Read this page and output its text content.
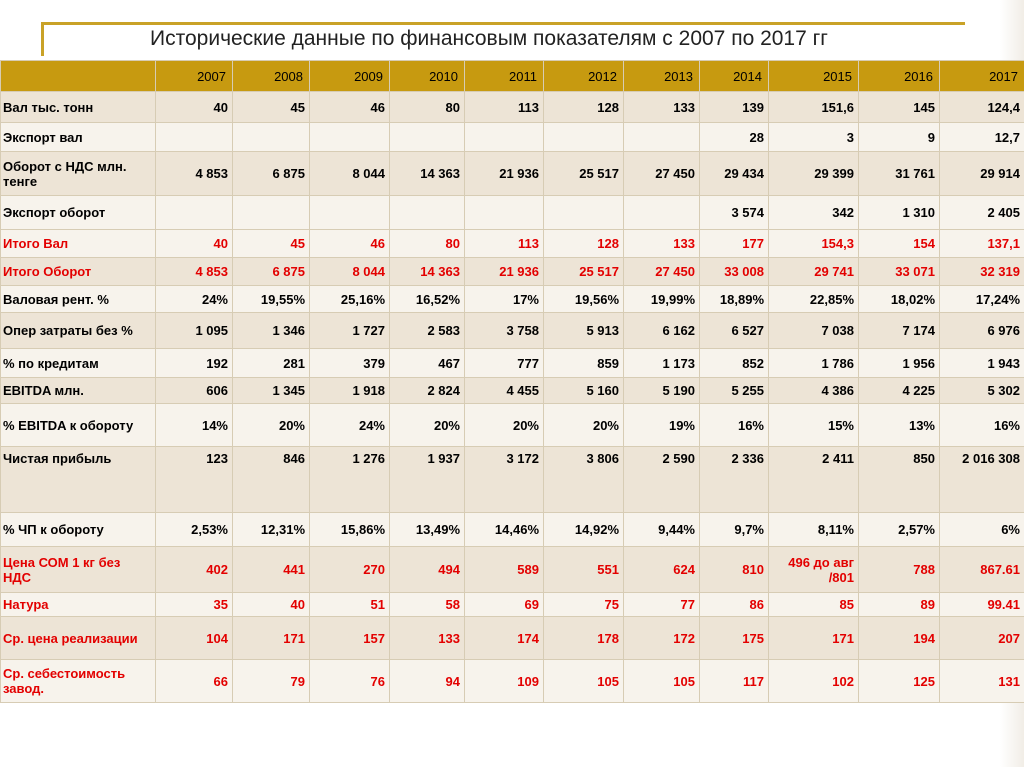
Исторические данные по финансовым показателям с 2007 по 2017 гг
	2007	2008	2009	2010	2011	2012	2013	2014	2015	2016	2017
Вал тыс. тонн	40	45	46	80	113	128	133	139	151,6	145	124,4
Экспорт вал								28	3	9	12,7
Оборот с НДС млн. тенге	4 853	6 875	8 044	14 363	21 936	25 517	27 450	29 434	29 399	31 761	29 914
Экспорт оборот								3 574	342	1 310	2 405
Итого Вал	40	45	46	80	113	128	133	177	154,3	154	137,1
Итого Оборот	4 853	6 875	8 044	14 363	21 936	25 517	27 450	33 008	29 741	33 071	32 319
Валовая рент. %	24%	19,55%	25,16%	16,52%	17%	19,56%	19,99%	18,89%	22,85%	18,02%	17,24%
Опер затраты без %	1 095	1 346	1 727	2 583	3 758	5 913	6 162	6 527	7 038	7 174	6 976
% по кредитам	192	281	379	467	777	859	1 173	852	1 786	1 956	1 943
EBITDA млн.	606	1 345	1 918	2 824	4 455	5 160	5 190	5 255	4 386	4 225	5 302
% EBITDA к обороту	14%	20%	24%	20%	20%	20%	19%	16%	15%	13%	16%
Чистая прибыль	123	846	1 276	1 937	3 172	3 806	2 590	2 336	2 411	850	2 016 308
% ЧП к обороту	2,53%	12,31%	15,86%	13,49%	14,46%	14,92%	9,44%	9,7%	8,11%	2,57%	6%
Цена СОМ 1 кг без НДС	402	441	270	494	589	551	624	810	496 до авг /801	788	867.61
Натура	35	40	51	58	69	75	77	86	85	89	99.41
Ср. цена реализации	104	171	157	133	174	178	172	175	171	194	207
Ср. себестоимость завод.	66	79	76	94	109	105	105	117	102	125	131
